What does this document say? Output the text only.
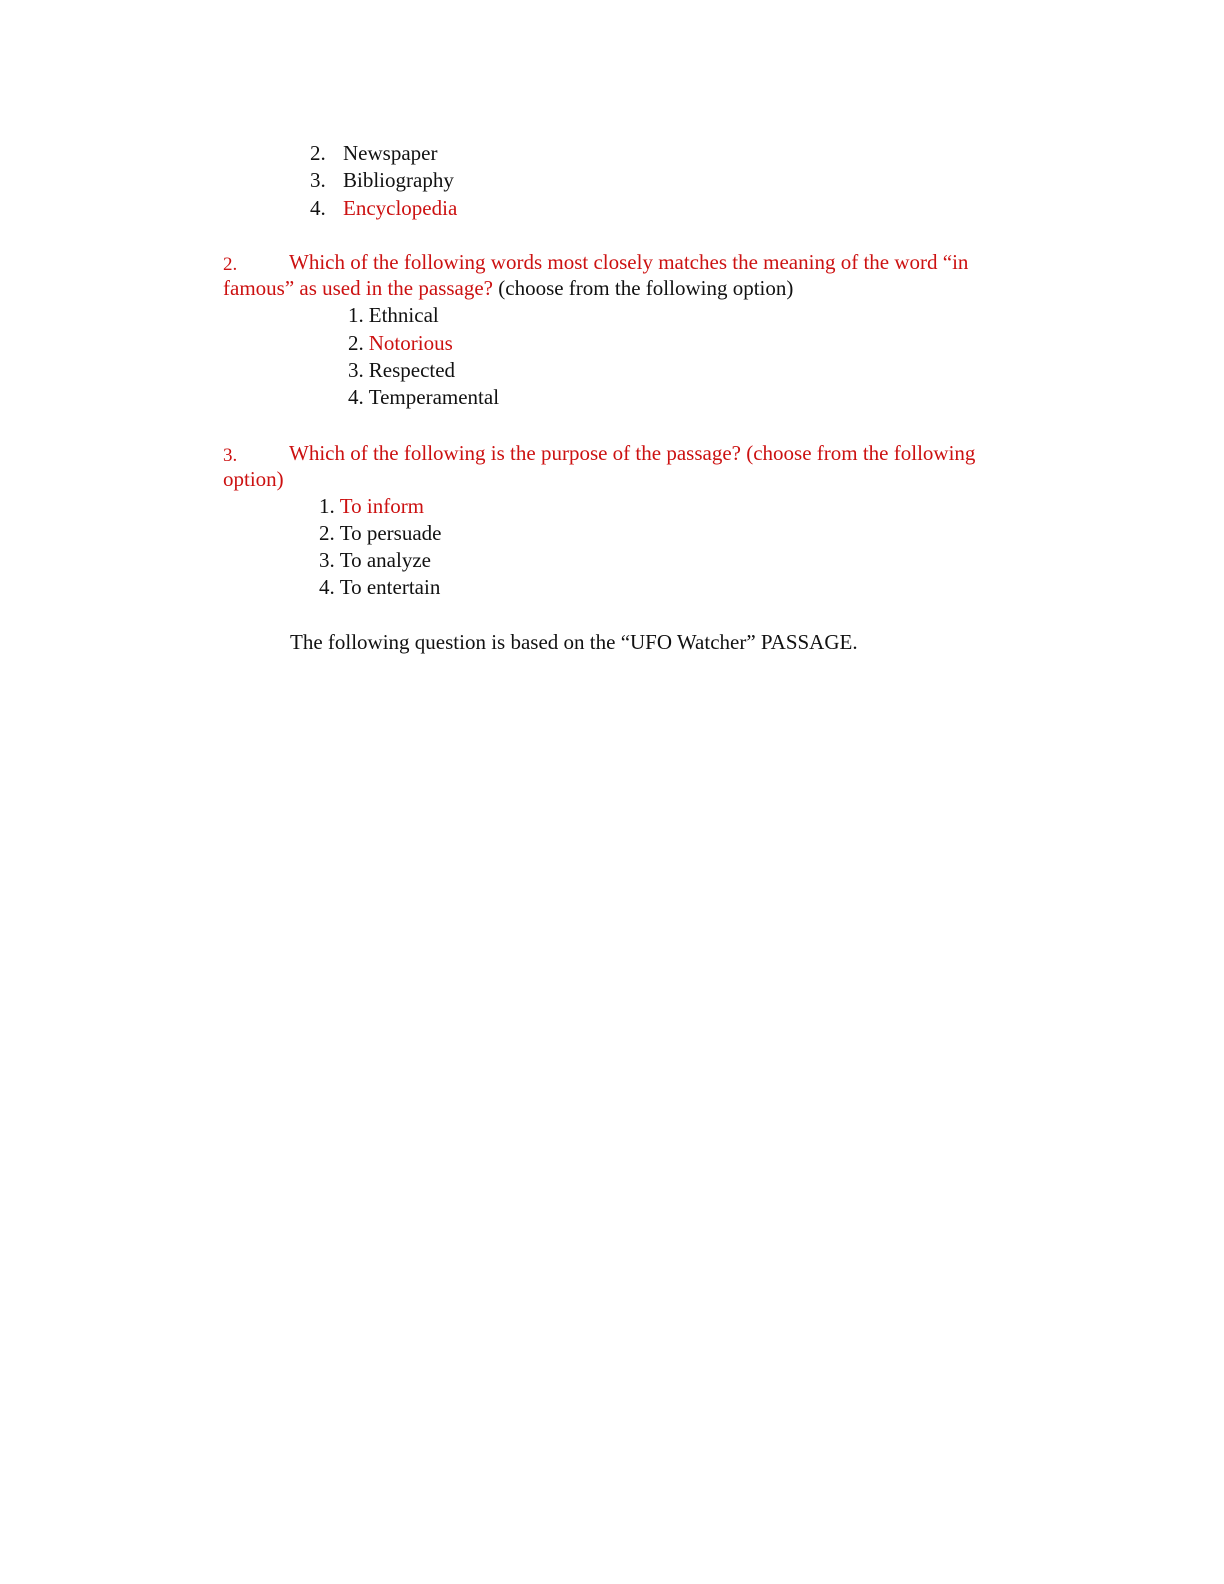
2. Newspaper
3. Bibliography
4. Encyclopedia
2. Which of the following words most closely matches the meaning of the word “in
famous” as used in the passage? (choose from the following option)
1. Ethnical
2. Notorious
3. Respected
4. Temperamental
3. Which of the following is the purpose of the passage? (choose from the following
option)
1. To inform
2. To persuade
3. To analyze
4. To entertain
The following question is based on the “UFO Watcher” PASSAGE.
